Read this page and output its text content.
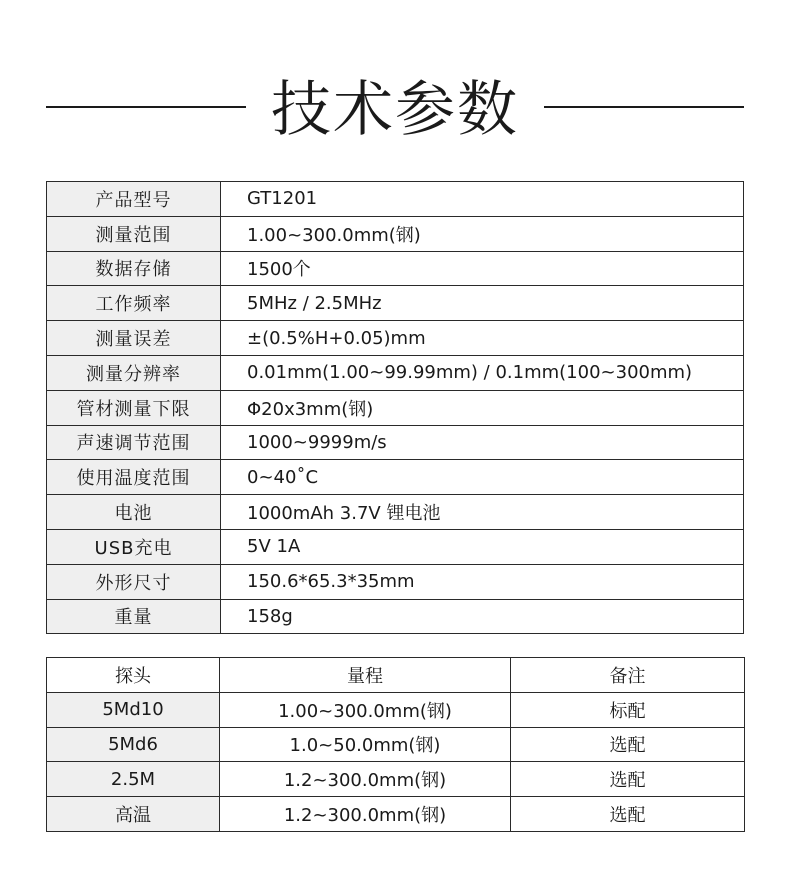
技术参数
产品型号	GT1201
测量范围	1.00~300.0mm(钢)
数据存储	1500个
工作频率	5MHz / 2.5MHz
测量误差	±(0.5%H+0.05)mm
测量分辨率	0.01mm(1.00~99.99mm) / 0.1mm(100~300mm)
管材测量下限	Φ20x3mm(钢)
声速调节范围	1000~9999m/s
使用温度范围	0~40˚C
电池	1000mAh 3.7V 锂电池
USB充电	5V 1A
外形尺寸	150.6*65.3*35mm
重量	158g
探头	量程	备注
5Md10	1.00~300.0mm(钢)	标配
5Md6	1.0~50.0mm(钢)	选配
2.5M	1.2~300.0mm(钢)	选配
高温	1.2~300.0mm(钢)	选配
